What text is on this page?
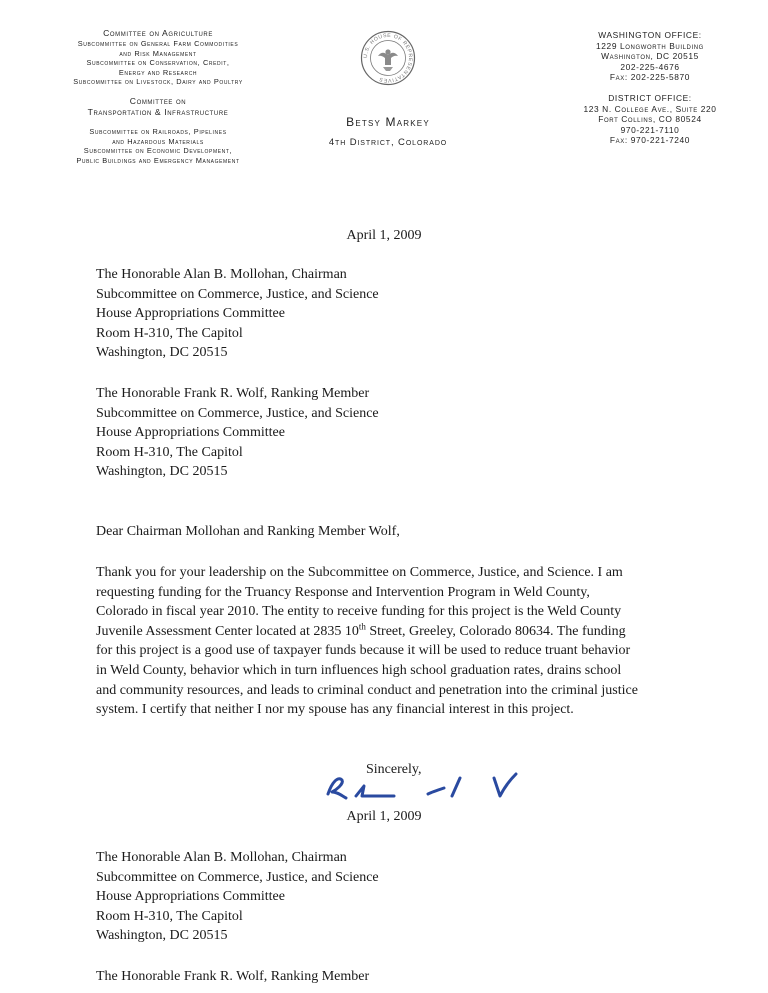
Committee on Agriculture
Subcommittee on General Farm Commodities
and Risk Management
Subcommittee on Conservation, Credit,
Energy and Research
Subcommittee on Livestock, Dairy and Poultry
Committee on
Transportation & Infrastructure
Subcommittee on Railroads, Pipelines
and Hazardous Materials
Subcommittee on Economic Development,
Public Buildings and Emergency Management
U.S. HOUSE OF REPRESENTATIVES
Betsy Markey
4th District, Colorado
WASHINGTON OFFICE:
1229 Longworth Building
Washington, DC 20515
202-225-4676
Fax: 202-225-5870
DISTRICT OFFICE:
123 N. College Ave., Suite 220
Fort Collins, CO 80524
970-221-7110
Fax: 970-221-7240
April 1, 2009
The Honorable Alan B. Mollohan, Chairman
Subcommittee on Commerce, Justice, and Science
House Appropriations Committee
Room H-310, The Capitol
Washington, DC 20515
The Honorable Frank R. Wolf, Ranking Member
Subcommittee on Commerce, Justice, and Science
House Appropriations Committee
Room H-310, The Capitol
Washington, DC 20515
Dear Chairman Mollohan and Ranking Member Wolf,
Thank you for your leadership on the Subcommittee on Commerce, Justice, and Science. I am
requesting funding for the Truancy Response and Intervention Program in Weld County,
Colorado in fiscal year 2010. The entity to receive funding for this project is the Weld County
Juvenile Assessment Center located at 2835 10th Street, Greeley, Colorado 80634. The funding
for this project is a good use of taxpayer funds because it will be used to reduce truant behavior
in Weld County, behavior which in turn influences high school graduation rates, drains school
and community resources, and leads to criminal conduct and penetration into the criminal justice
system. I certify that neither I nor my spouse has any financial interest in this project.
Sincerely,
April 1, 2009
The Honorable Alan B. Mollohan, Chairman
Subcommittee on Commerce, Justice, and Science
House Appropriations Committee
Room H-310, The Capitol
Washington, DC 20515
The Honorable Frank R. Wolf, Ranking Member
